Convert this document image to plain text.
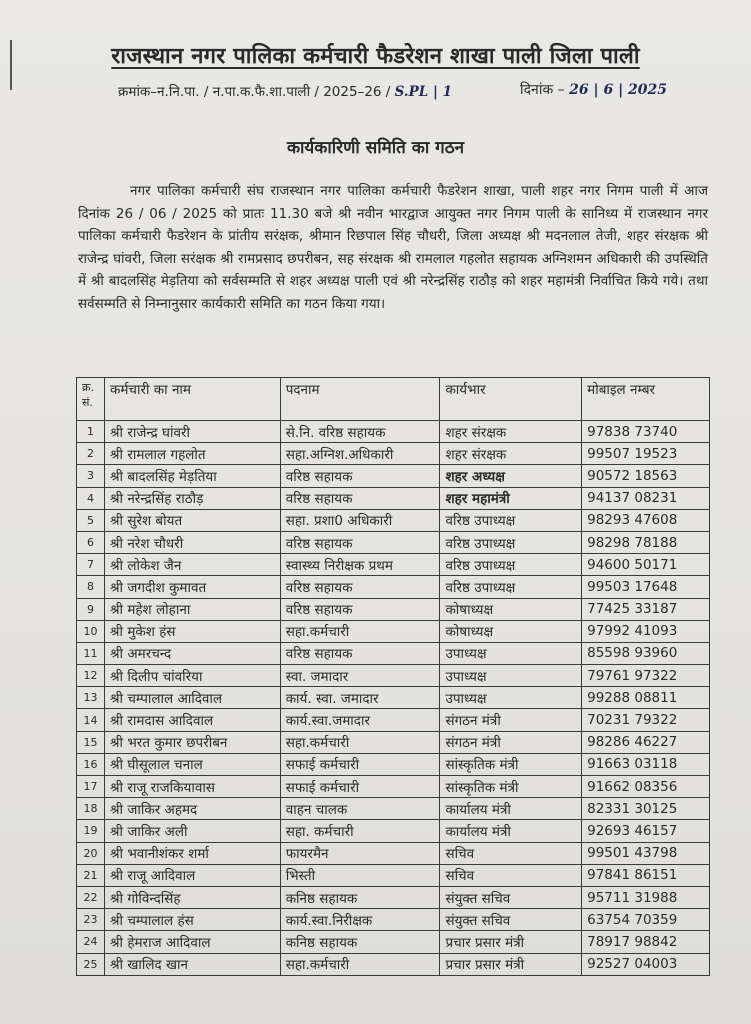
राजस्थान नगर पालिका कर्मचारी फैडरेशन शाखा पाली जिला पाली
क्रमांक–न.नि.पा. / न.पा.क.फै.शा.पाली / 2025–26 / S.PL | 1	दिनांक – 26 | 6 | 2025
कार्यकारिणी समिति का गठन

नगर पालिका कर्मचारी संघ राजस्थान नगर पालिका कर्मचारी फैडरेशन शाखा, पाली शहर नगर निगम पाली में आज दिनांक 26 / 06 / 2025 को प्रातः 11.30 बजे श्री नवीन भारद्वाज आयुक्त नगर निगम पाली के सानिध्य में राजस्थान नगर पालिका कर्मचारी फैडरेशन के प्रांतीय सरंक्षक, श्रीमान रिछपाल सिंह चौधरी, जिला अध्यक्ष श्री मदनलाल तेजी, शहर संरक्षक श्री राजेन्द्र घांवरी, जिला सरंक्षक श्री रामप्रसाद छपरीबन, सह संरक्षक श्री रामलाल गहलोत सहायक अग्निशमन अधिकारी की उपस्थिति में श्री बादलसिंह मेड़तिया को सर्वसम्मति से शहर अध्यक्ष पाली एवं श्री नरेन्द्रसिंह राठौड़ को शहर महामंत्री निर्वाचित किये गये। तथा सर्वसम्मति से निम्नानुसार कार्यकारी समिति का गठन किया गया।

क्र. सं.	कर्मचारी का नाम	पदनाम	कार्यभार	मोबाइल नम्बर
1	श्री राजेन्द्र घांवरी	से.नि. वरिष्ठ सहायक	शहर संरक्षक	97838 73740
2	श्री रामलाल गहलोत	सहा.अग्निश.अधिकारी	शहर संरक्षक	99507 19523
3	श्री बादलसिंह मेड़तिया	वरिष्ठ सहायक	शहर अध्यक्ष	90572 18563
4	श्री नरेन्द्रसिंह राठौड़	वरिष्ठ सहायक	शहर महामंत्री	94137 08231
5	श्री सुरेश बोयत	सहा. प्रशा0 अधिकारी	वरिष्ठ उपाध्यक्ष	98293 47608
6	श्री नरेश चौधरी	वरिष्ठ सहायक	वरिष्ठ उपाध्यक्ष	98298 78188
7	श्री लोकेश जैन	स्वास्थ्य निरीक्षक प्रथम	वरिष्ठ उपाध्यक्ष	94600 50171
8	श्री जगदीश कुमावत	वरिष्ठ सहायक	वरिष्ठ उपाध्यक्ष	99503 17648
9	श्री महेश लोहाना	वरिष्ठ सहायक	कोषाध्यक्ष	77425 33187
10	श्री मुकेश हंस	सहा.कर्मचारी	कोषाध्यक्ष	97992 41093
11	श्री अमरचन्द	वरिष्ठ सहायक	उपाध्यक्ष	85598 93960
12	श्री दिलीप चांवरिया	स्वा. जमादार	उपाध्यक्ष	79761 97322
13	श्री चम्पालाल आदिवाल	कार्य. स्वा. जमादार	उपाध्यक्ष	99288 08811
14	श्री रामदास आदिवाल	कार्य.स्वा.जमादार	संगठन मंत्री	70231 79322
15	श्री भरत कुमार छपरीबन	सहा.कर्मचारी	संगठन मंत्री	98286 46227
16	श्री घीसूलाल चनाल	सफाई कर्मचारी	सांस्कृतिक मंत्री	91663 03118
17	श्री राजू राजकियावास	सफाई कर्मचारी	सांस्कृतिक मंत्री	91662 08356
18	श्री जाकिर अहमद	वाहन चालक	कार्यालय मंत्री	82331 30125
19	श्री जाकिर अली	सहा. कर्मचारी	कार्यालय मंत्री	92693 46157
20	श्री भवानीशंकर शर्मा	फायरमैन	सचिव	99501 43798
21	श्री राजू आदिवाल	भिस्ती	सचिव	97841 86151
22	श्री गोविन्दसिंह	कनिष्ठ सहायक	संयुक्त सचिव	95711 31988
23	श्री चम्पालाल हंस	कार्य.स्वा.निरीक्षक	संयुक्त सचिव	63754 70359
24	श्री हेमराज आदिवाल	कनिष्ठ सहायक	प्रचार प्रसार मंत्री	78917 98842
25	श्री खालिद खान	सहा.कर्मचारी	प्रचार प्रसार मंत्री	92527 04003
